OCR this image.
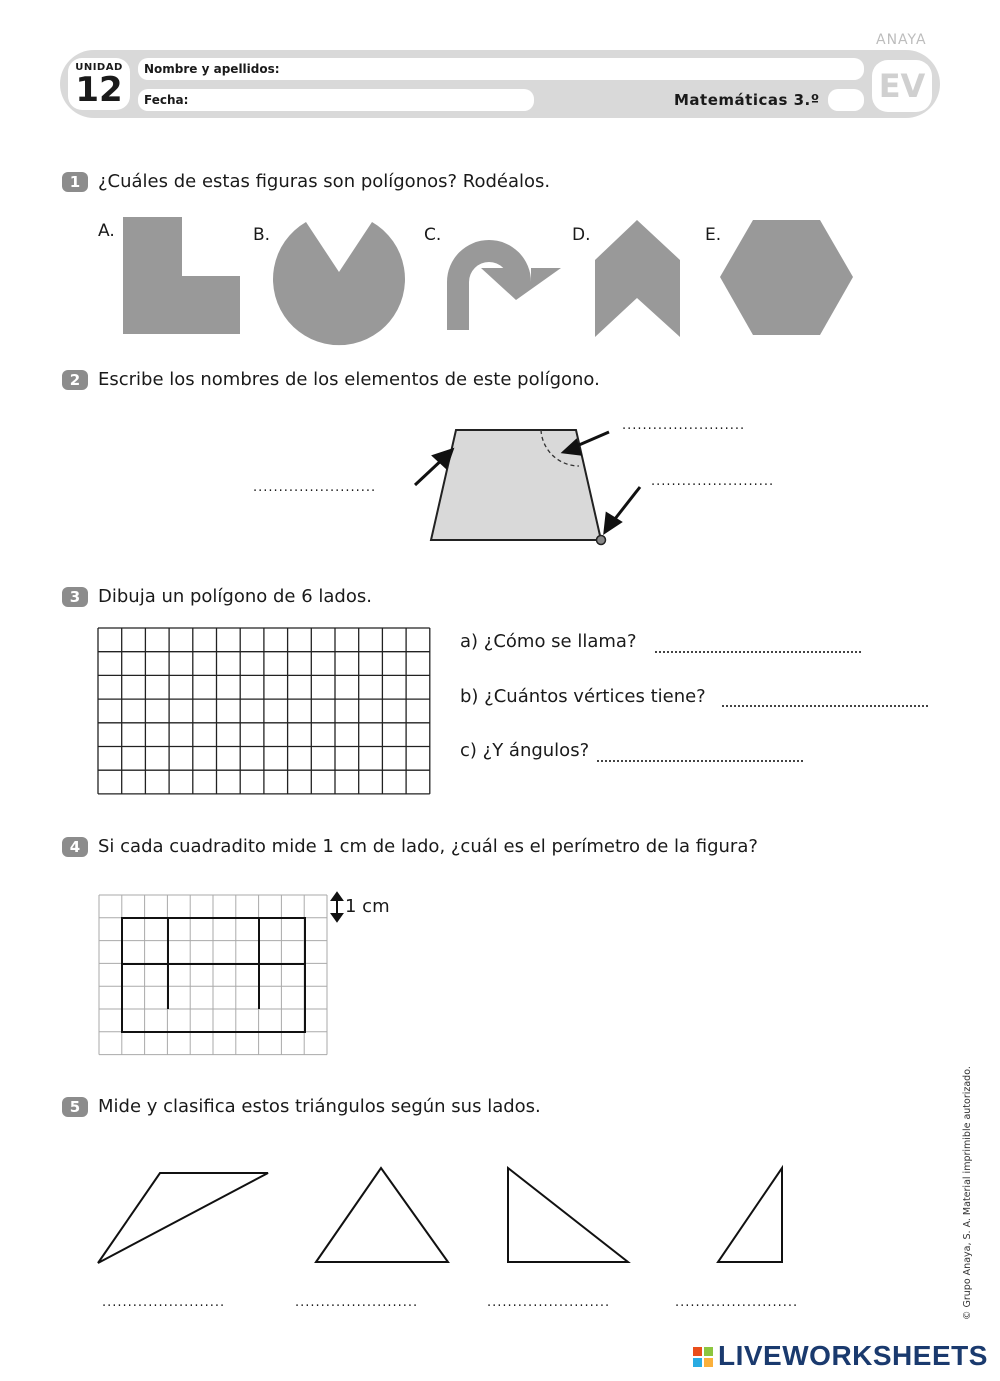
ANAYA
UNIDAD
12
Nombre y apellidos:
Fecha:	Matemáticas 3.º EV
1 ¿Cuáles de estas figuras son polígonos? Rodéalos.
A.	B.	C.	D.	E.
2 Escribe los nombres de los elementos de este polígono.
........................
........................	........................
3 Dibuja un polígono de 6 lados.
a) ¿Cómo se llama?
b) ¿Cuántos vértices tiene?
c) ¿Y ángulos?
4 Si cada cuadradito mide 1 cm de lado, ¿cuál es el perímetro de la figura?
1 cm
5 Mide y clasifica estos triángulos según sus lados.
........................	........................	........................	........................	© Grupo Anaya, S. A. Material imprimible autorizado.
LIVEWORKSHEETS
